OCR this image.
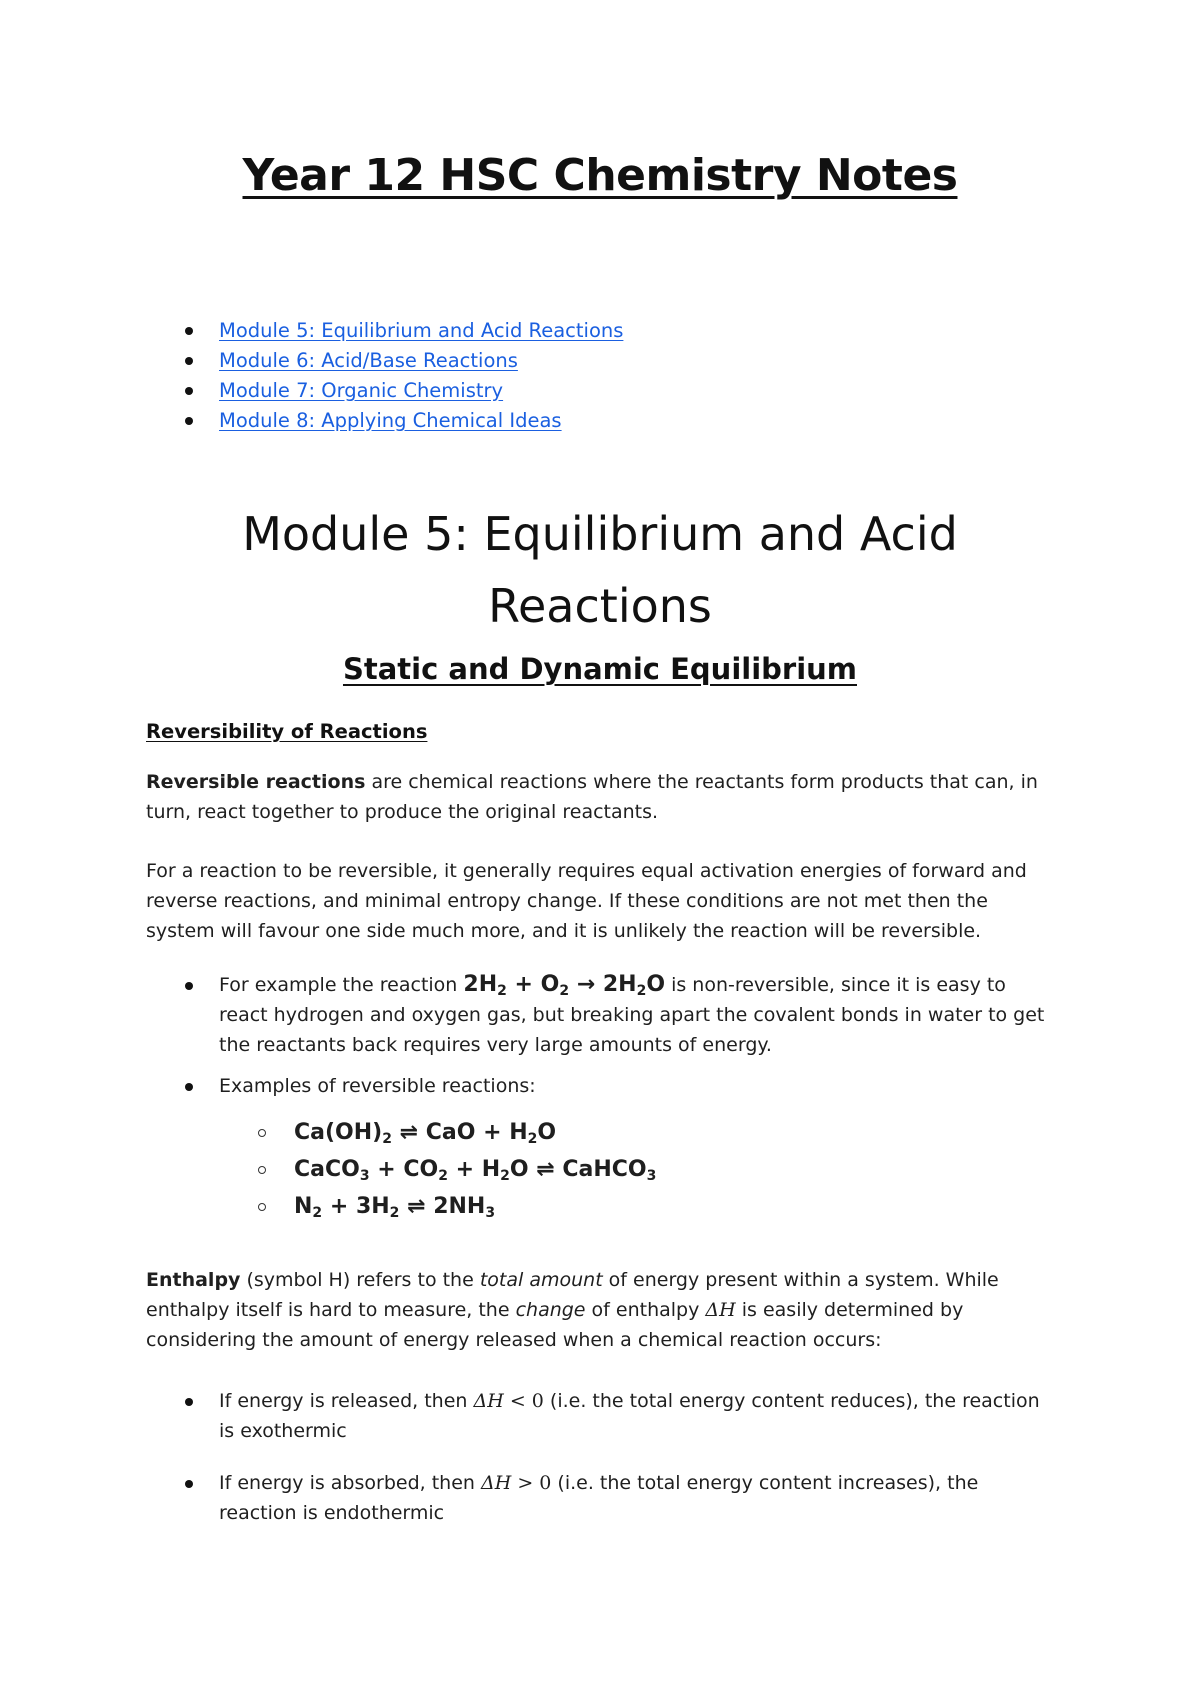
Year 12 HSC Chemistry Notes
Module 5: Equilibrium and Acid Reactions
Module 6: Acid/Base Reactions
Module 7: Organic Chemistry
Module 8: Applying Chemical Ideas
Module 5: Equilibrium and Acid
Reactions
Static and Dynamic Equilibrium
Reversibility of Reactions
Reversible reactions are chemical reactions where the reactants form products that can, in
turn, react together to produce the original reactants.
For a reaction to be reversible, it generally requires equal activation energies of forward and
reverse reactions, and minimal entropy change. If these conditions are not met then the
system will favour one side much more, and it is unlikely the reaction will be reversible.
For example the reaction $2H_2 + O_2 \to 2H_2O$ is non-reversible, since it is easy to
react hydrogen and oxygen gas, but breaking apart the covalent bonds in water to get
the reactants back requires very large amounts of energy.
Examples of reversible reactions:
$Ca(OH)_2$ ⇌ CaO + $H_2O$
CaCO$_3$ + $CO_2 + H_2O$ ⇌ CaHCO$_3$
$N_2 + 3H_2$ ⇌ $2NH_3$
Enthalpy (symbol H) refers to the total amount of energy present within a system. While
enthalpy itself is hard to measure, the change of enthalpy ΔH is easily determined by
considering the amount of energy released when a chemical reaction occurs:
If energy is released, then ΔH < 0 (i.e. the total energy content reduces), the reaction
is exothermic
If energy is absorbed, then ΔH > 0 (i.e. the total energy content increases), the
reaction is endothermic
